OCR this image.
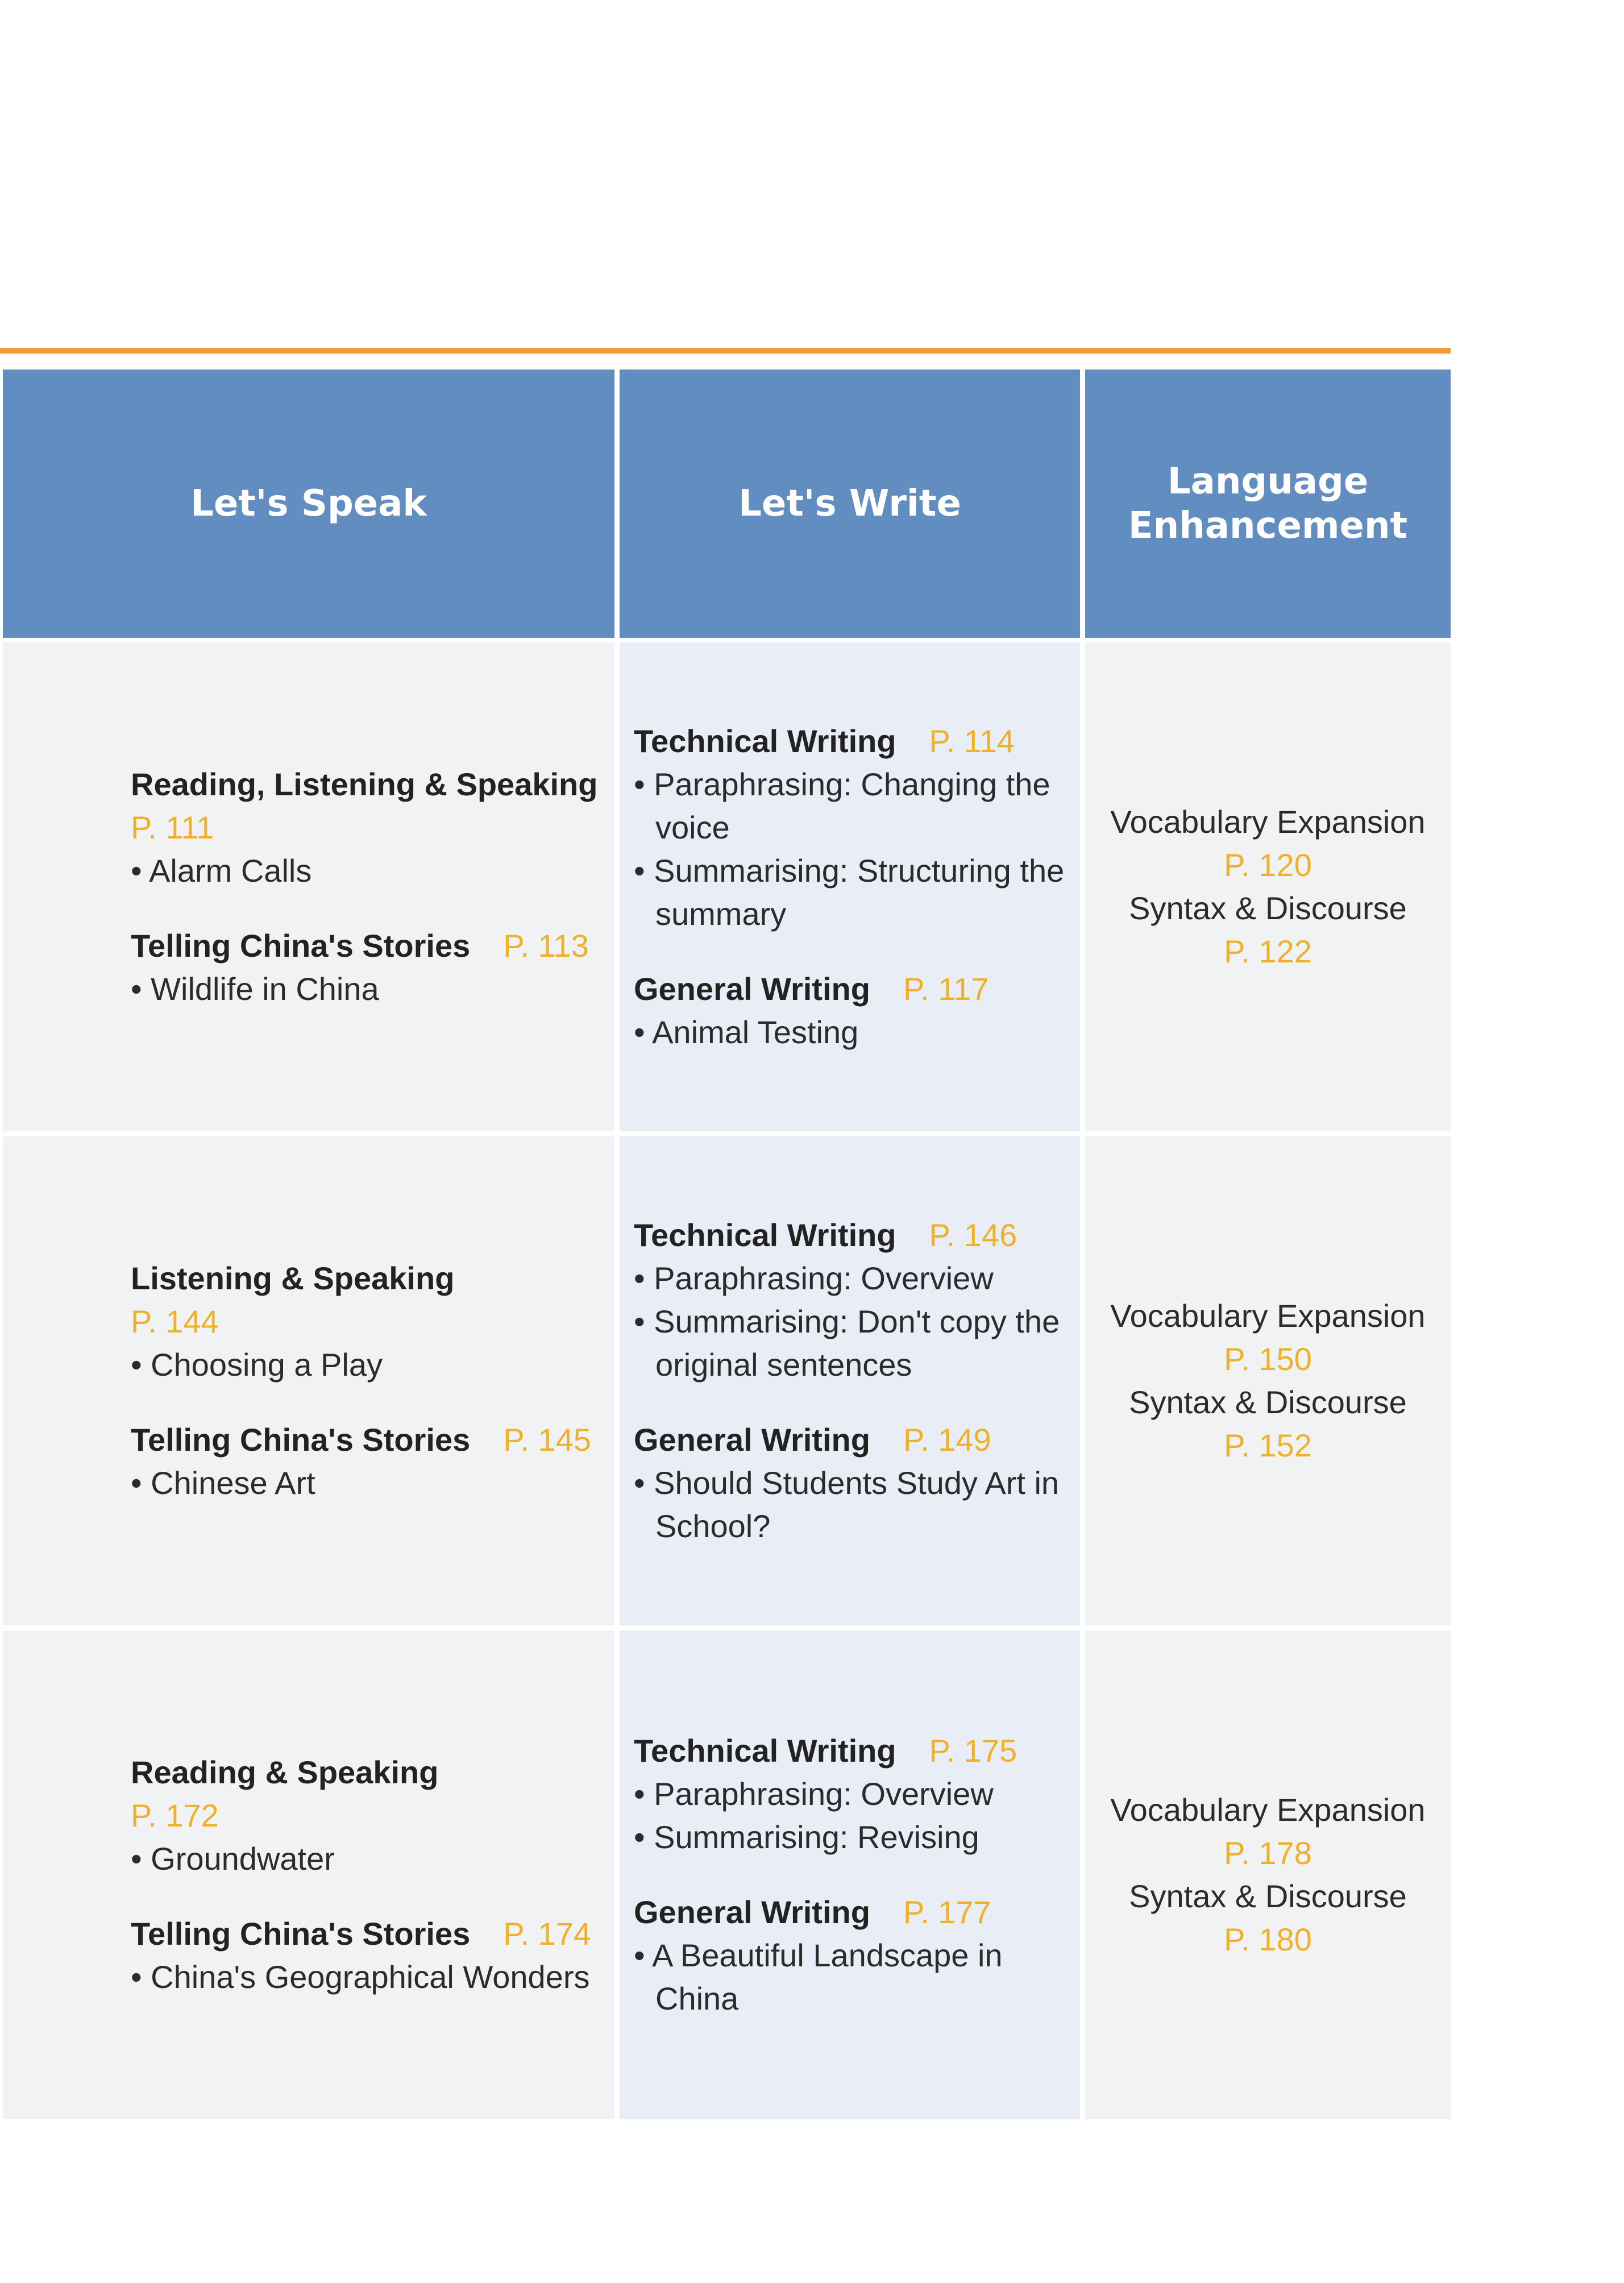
Let's Speak	Let's Write
Language
Enhancement
Reading, Listening & Speaking
P. 111
• Alarm Calls
Telling China's Stories P. 113
• Wildlife in China
Technical Writing P. 114
• Paraphrasing: Changing the voice
• Summarising: Structuring the summary
General Writing P. 117
• Animal Testing
Vocabulary Expansion
P. 120
Syntax & Discourse
P. 122
Listening & Speaking
P. 144
• Choosing a Play
Telling China's Stories P. 145
• Chinese Art
Technical Writing P. 146
• Paraphrasing: Overview
• Summarising: Don't copy the original sentences
General Writing P. 149
• Should Students Study Art in School?
Vocabulary Expansion
P. 150
Syntax & Discourse
P. 152
Reading & Speaking
P. 172
• Groundwater
Telling China's Stories P. 174
• China's Geographical Wonders
Technical Writing P. 175
• Paraphrasing: Overview
• Summarising: Revising
General Writing P. 177
• A Beautiful Landscape in China
Vocabulary Expansion
P. 178
Syntax & Discourse
P. 180
